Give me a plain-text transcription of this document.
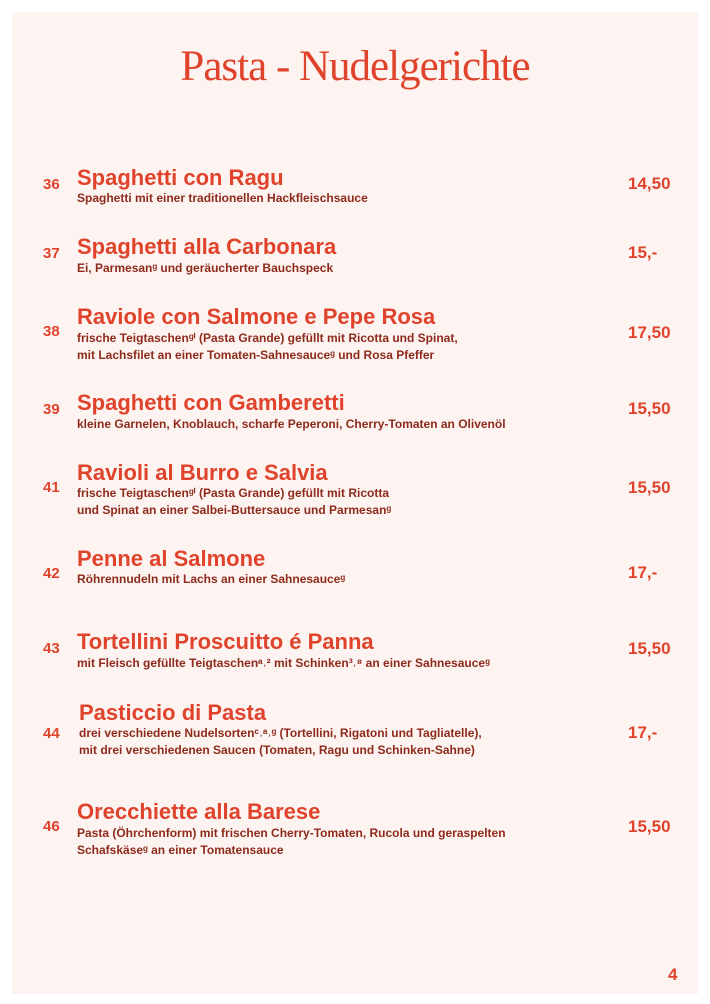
Pasta - Nudelgerichte
36 Spaghetti con Ragu
Spaghetti mit einer traditionellen Hackfleischsauce
14,50
37 Spaghetti alla Carbonara
Ei, Parmesanᵍ und geräucherter Bauchspeck
15,-
38
Raviole con Salmone e Pepe Rosa
frische Teigtaschenᵍⁱ (Pasta Grande) gefüllt mit Ricotta und Spinat,
mit Lachsfilet an einer Tomaten-Sahnesauceᵍ und Rosa Pfeffer
17,50
39 Spaghetti con Gamberetti
kleine Garnelen, Knoblauch, scharfe Peperoni, Cherry-Tomaten an Olivenöl
15,50
41
Ravioli al Burro e Salvia
frische Teigtaschenᵍⁱ (Pasta Grande) gefüllt mit Ricotta
und Spinat an einer Salbei-Buttersauce und Parmesanᵍ
15,50
42
Penne al Salmone
Röhrennudeln mit Lachs an einer Sahnesauceᵍ	17,-
43 Tortellini Proscuitto é Panna
mit Fleisch gefüllte Teigtaschenᵃ˒² mit Schinken³˒⁸ an einer Sahnesauceᵍ
15,50
44
Pasticcio di Pasta
drei verschiedene Nudelsortenᶜ˒ᵃ˒ᵍ (Tortellini, Rigatoni und Tagliatelle),
mit drei verschiedenen Saucen (Tomaten, Ragu und Schinken-Sahne)
17,-
46
Orecchiette alla Barese
Pasta (Öhrchenform) mit frischen Cherry-Tomaten, Rucola und geraspelten
Schafskäseᵍ an einer Tomatensauce
15,50
4
